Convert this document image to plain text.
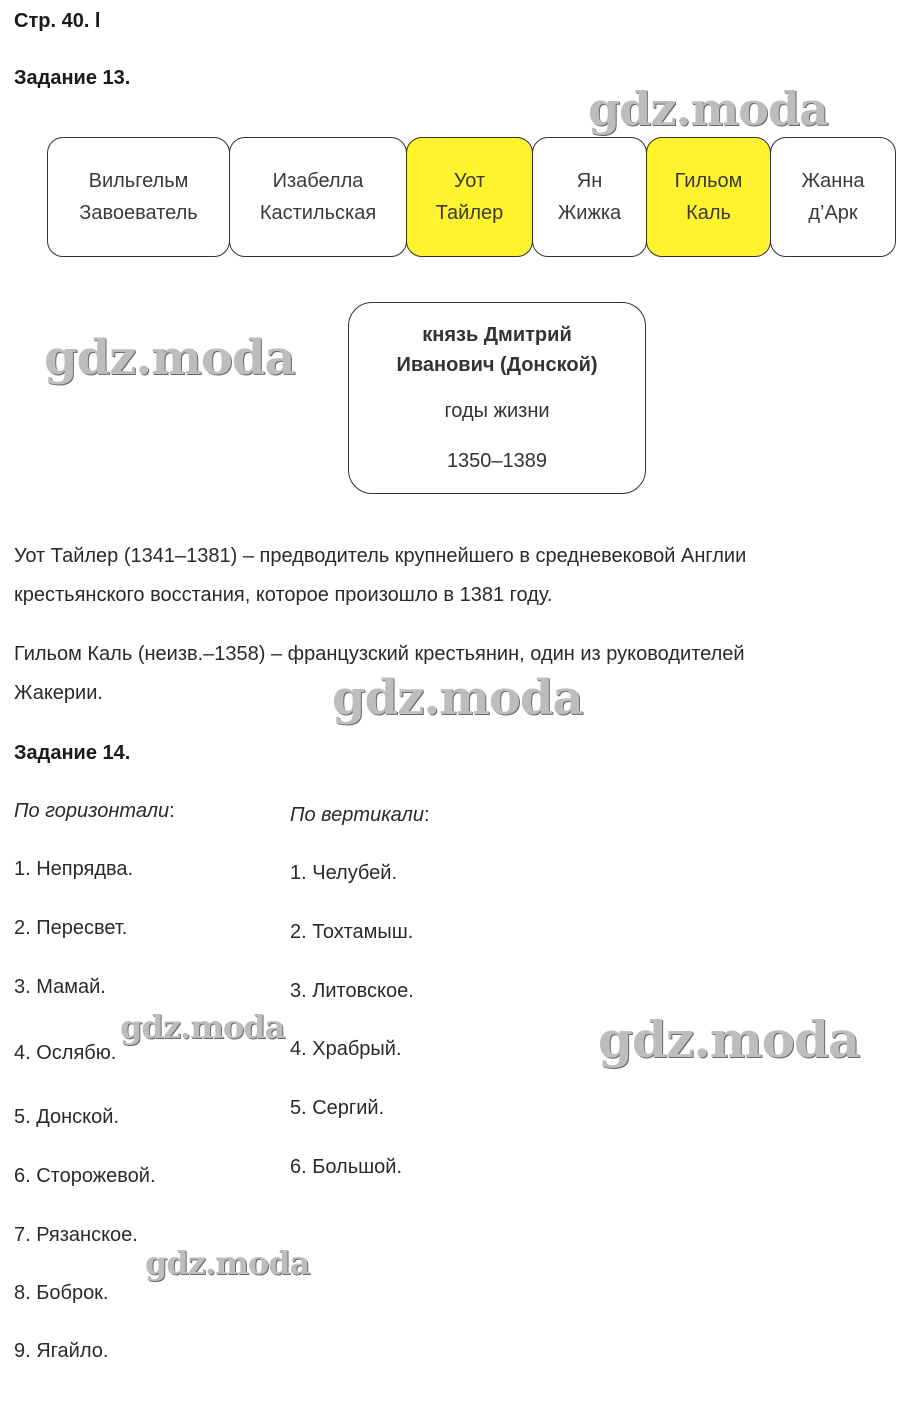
Стр. 40. l
Задание 13.
Вильгельм
Завоеватель
Изабелла
Кастильская
Уот
Тайлер
Ян
Жижка
Гильом
Каль
Жанна
д’Арк
князь Дмитрий
Иванович (Донской)
годы жизни
1350–1389
Уот Тайлер (1341–1381) – предводитель крупнейшего в средневековой Англии
крестьянского восстания, которое произошло в 1381 году.
Гильом Каль (неизв.–1358) – французский крестьянин, один из руководителей
Жакерии.
Задание 14.
По горизонтали:	По вертикали:
1. Непрядва.
2. Пересвет.
3. Мамай.
4. Ослябю.
5. Донской.
6. Сторожевой.
7. Рязанское.
8. Боброк.
9. Ягайло.
1. Челубей.
2. Тохтамыш.
3. Литовское.
4. Храбрый.
5. Сергий.
6. Большой.
gdz.moda
gdz.moda
gdz.moda
gdz.moda	gdz.moda
gdz.moda
